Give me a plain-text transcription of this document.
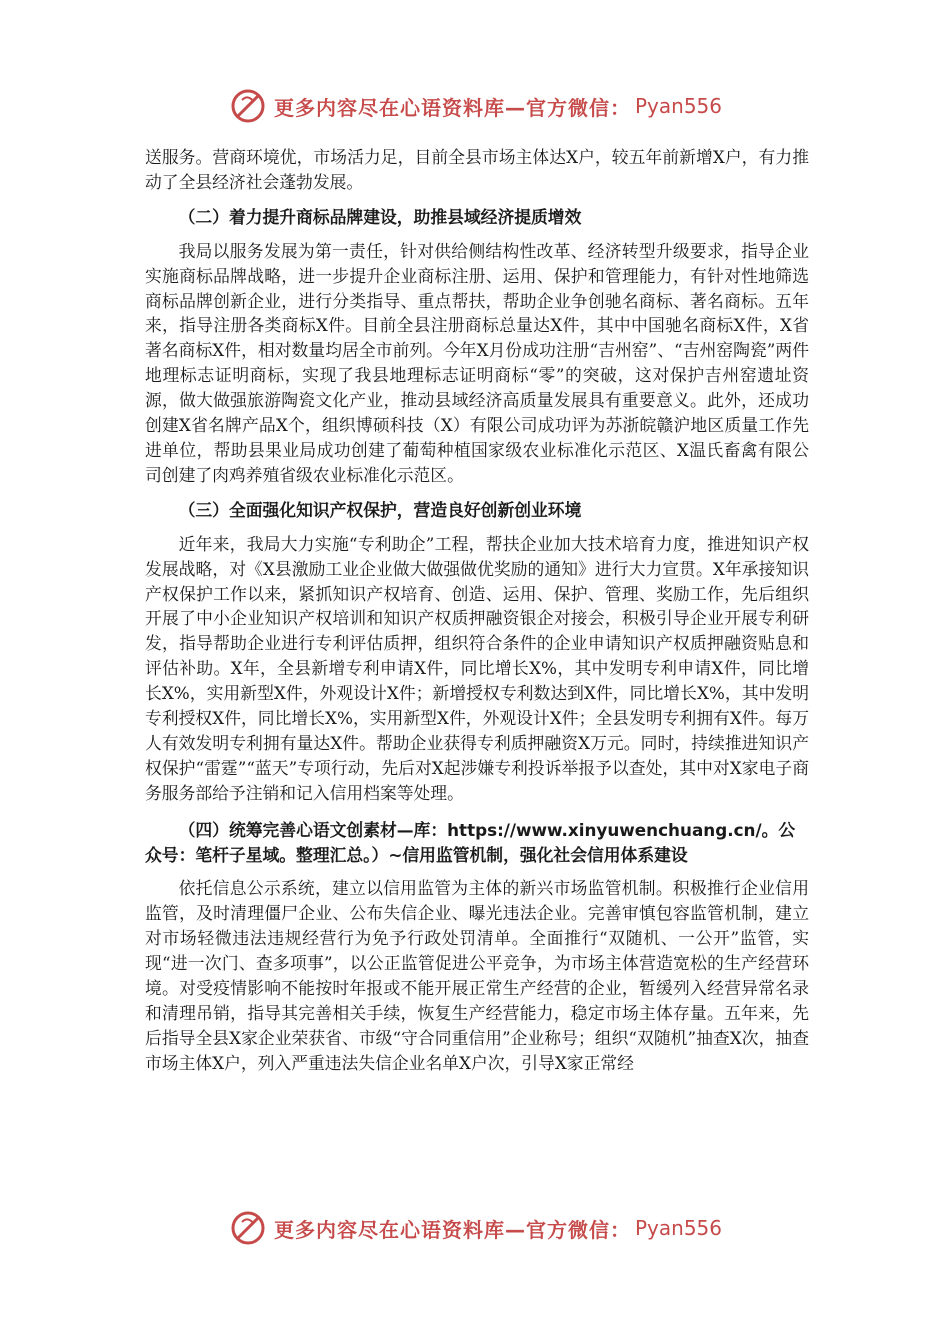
更多内容尽在心语资料库—官方微信： Pyan556

送服务。营商环境优，市场活力足，目前全县市场主体达X户，较五年前新增X户，有力推动了全县经济社会蓬勃发展。

（二）着力提升商标品牌建设，助推县域经济提质增效

我局以服务发展为第一责任，针对供给侧结构性改革、经济转型升级要求，指导企业实施商标品牌战略，进一步提升企业商标注册、运用、保护和管理能力，有针对性地筛选商标品牌创新企业，进行分类指导、重点帮扶，帮助企业争创驰名商标、著名商标。五年来，指导注册各类商标X件。目前全县注册商标总量达X件，其中中国驰名商标X件，X省著名商标X件，相对数量均居全市前列。今年X月份成功注册“吉州窑”、“吉州窑陶瓷”两件地理标志证明商标，实现了我县地理标志证明商标“零”的突破，这对保护吉州窑遗址资源，做大做强旅游陶瓷文化产业，推动县域经济高质量发展具有重要意义。此外，还成功创建X省名牌产品X个，组织博硕科技（X）有限公司成功评为苏浙皖赣沪地区质量工作先进单位，帮助县果业局成功创建了葡萄种植国家级农业标准化示范区、X温氏畜禽有限公司创建了肉鸡养殖省级农业标准化示范区。

（三）全面强化知识产权保护，营造良好创新创业环境

近年来，我局大力实施“专利助企”工程，帮扶企业加大技术培育力度，推进知识产权发展战略，对《X县激励工业企业做大做强做优奖励的通知》进行大力宣贯。X年承接知识产权保护工作以来，紧抓知识产权培育、创造、运用、保护、管理、奖励工作，先后组织开展了中小企业知识产权培训和知识产权质押融资银企对接会，积极引导企业开展专利研发，指导帮助企业进行专利评估质押，组织符合条件的企业申请知识产权质押融资贴息和评估补助。X年，全县新增专利申请X件，同比增长X%，其中发明专利申请X件，同比增长X%，实用新型X件，外观设计X件；新增授权专利数达到X件，同比增长X%，其中发明专利授权X件，同比增长X%，实用新型X件，外观设计X件；全县发明专利拥有X件。每万人有效发明专利拥有量达X件。帮助企业获得专利质押融资X万元。同时，持续推进知识产权保护“雷霆”“蓝天”专项行动，先后对X起涉嫌专利投诉举报予以查处，其中对X家电子商务服务部给予注销和记入信用档案等处理。

（四）统筹完善心语文创素材—库：https://www.xinyuwenchuang.cn/。公众号：笔杆子星域。整理汇总。）~信用监管机制，强化社会信用体系建设

依托信息公示系统，建立以信用监管为主体的新兴市场监管机制。积极推行企业信用监管，及时清理僵尸企业、公布失信企业、曝光违法企业。完善审慎包容监管机制，建立对市场轻微违法违规经营行为免予行政处罚清单。全面推行“双随机、一公开”监管，实现“进一次门、查多项事”，以公正监管促进公平竞争，为市场主体营造宽松的生产经营环境。对受疫情影响不能按时年报或不能开展正常生产经营的企业，暂缓列入经营异常名录和清理吊销，指导其完善相关手续，恢复生产经营能力，稳定市场主体存量。五年来，先后指导全县X家企业荣获省、市级“守合同重信用”企业称号；组织“双随机”抽查X次，抽查市场主体X户，列入严重违法失信企业名单X户次，引导X家正常经

更多内容尽在心语资料库—官方微信： Pyan556
